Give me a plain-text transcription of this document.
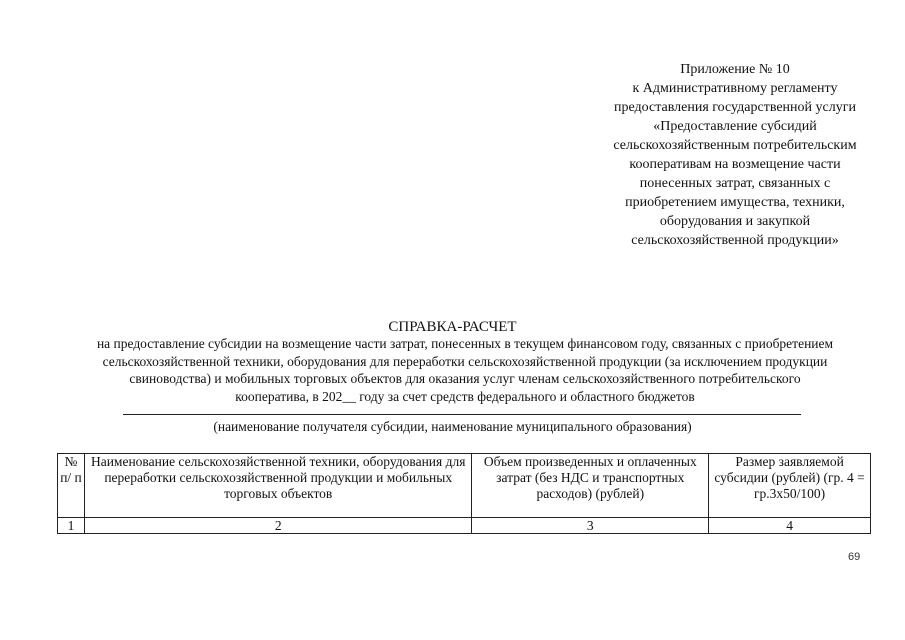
Приложение № 10
к Административному регламенту
предоставления государственной услуги
«Предоставление субсидий
сельскохозяйственным потребительским
кооперативам на возмещение части
понесенных затрат, связанных с
приобретением имущества, техники,
оборудования и закупкой
сельскохозяйственной продукции»
СПРАВКА-РАСЧЕТ
на предоставление субсидии на возмещение части затрат, понесенных в текущем финансовом году, связанных с приобретением
сельскохозяйственной техники, оборудования для переработки сельскохозяйственной продукции (за исключением продукции
свиноводства) и мобильных торговых объектов для оказания услуг членам сельскохозяйственного потребительского
кооператива, в 202__ году за счет средств федерального и областного бюджетов
(наименование получателя субсидии, наименование муниципального образования)
№ п/ п	Наименование сельскохозяйственной техники, оборудования для переработки сельскохозяйственной продукции и мобильных торговых объектов	Объем произведенных и оплаченных затрат (без НДС и транспортных расходов) (рублей)	Размер заявляемой субсидии (рублей) (гр. 4 = гр.3х50/100)
1	2	3	4
69
